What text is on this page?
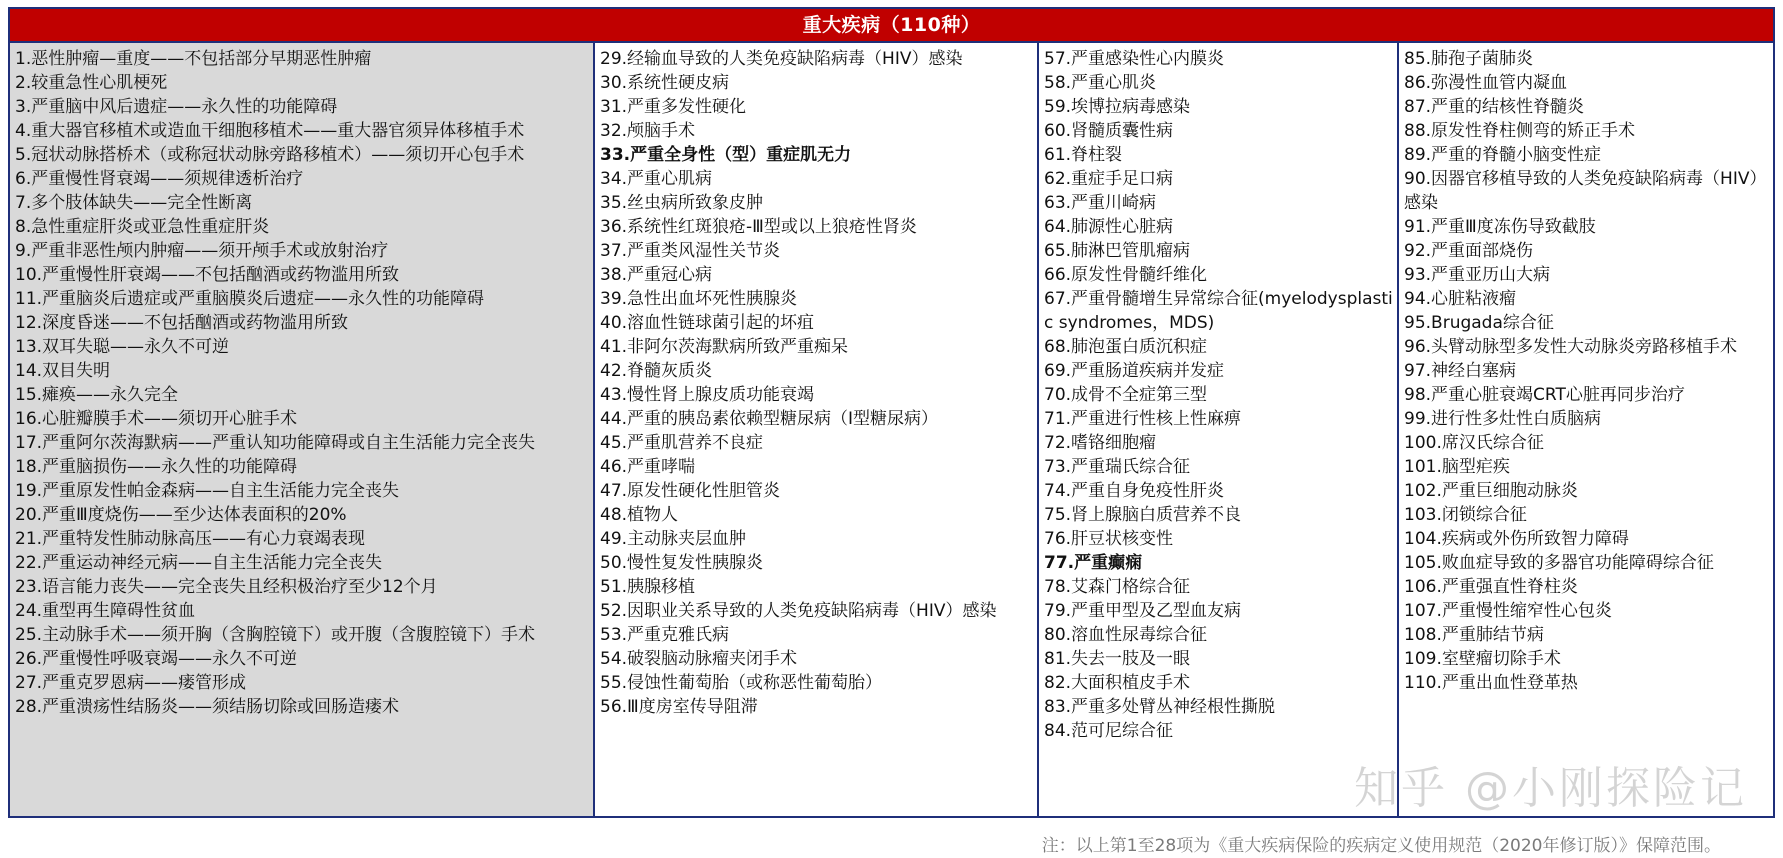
重大疾病（110种）
1.恶性肿瘤—重度——不包括部分早期恶性肿瘤
2.较重急性心肌梗死
3.严重脑中风后遗症——永久性的功能障碍
4.重大器官移植术或造血干细胞移植术——重大器官须异体移植手术
5.冠状动脉搭桥术（或称冠状动脉旁路移植术）——须切开心包手术
6.严重慢性肾衰竭——须规律透析治疗
7.多个肢体缺失——完全性断离
8.急性重症肝炎或亚急性重症肝炎
9.严重非恶性颅内肿瘤——须开颅手术或放射治疗
10.严重慢性肝衰竭——不包括酗酒或药物滥用所致
11.严重脑炎后遗症或严重脑膜炎后遗症——永久性的功能障碍
12.深度昏迷——不包括酗酒或药物滥用所致
13.双耳失聪——永久不可逆
14.双目失明
15.瘫痪——永久完全
16.心脏瓣膜手术——须切开心脏手术
17.严重阿尔茨海默病——严重认知功能障碍或自主生活能力完全丧失
18.严重脑损伤——永久性的功能障碍
19.严重原发性帕金森病——自主生活能力完全丧失
20.严重Ⅲ度烧伤——至少达体表面积的20%
21.严重特发性肺动脉高压——有心力衰竭表现
22.严重运动神经元病——自主生活能力完全丧失
23.语言能力丧失——完全丧失且经积极治疗至少12个月
24.重型再生障碍性贫血
25.主动脉手术——须开胸（含胸腔镜下）或开腹（含腹腔镜下）手术
26.严重慢性呼吸衰竭——永久不可逆
27.严重克罗恩病——瘘管形成
28.严重溃疡性结肠炎——须结肠切除或回肠造瘘术
29.经输血导致的人类免疫缺陷病毒（HIV）感染
30.系统性硬皮病
31.严重多发性硬化
32.颅脑手术
33.严重全身性（型）重症肌无力
34.严重心肌病
35.丝虫病所致象皮肿
36.系统性红斑狼疮-Ⅲ型或以上狼疮性肾炎
37.严重类风湿性关节炎
38.严重冠心病
39.急性出血坏死性胰腺炎
40.溶血性链球菌引起的坏疽
41.非阿尔茨海默病所致严重痴呆
42.脊髓灰质炎
43.慢性肾上腺皮质功能衰竭
44.严重的胰岛素依赖型糖尿病（Ⅰ型糖尿病）
45.严重肌营养不良症
46.严重哮喘
47.原发性硬化性胆管炎
48.植物人
49.主动脉夹层血肿
50.慢性复发性胰腺炎
51.胰腺移植
52.因职业关系导致的人类免疫缺陷病毒（HIV）感染
53.严重克雅氏病
54.破裂脑动脉瘤夹闭手术
55.侵蚀性葡萄胎（或称恶性葡萄胎）
56.Ⅲ度房室传导阻滞
57.严重感染性心内膜炎
58.严重心肌炎
59.埃博拉病毒感染
60.肾髓质囊性病
61.脊柱裂
62.重症手足口病
63.严重川崎病
64.肺源性心脏病
65.肺淋巴管肌瘤病
66.原发性骨髓纤维化
67.严重骨髓增生异常综合征(myelodysplastic syndromes，MDS)
68.肺泡蛋白质沉积症
69.严重肠道疾病并发症
70.成骨不全症第三型
71.严重进行性核上性麻痹
72.嗜铬细胞瘤
73.严重瑞氏综合征
74.严重自身免疫性肝炎
75.肾上腺脑白质营养不良
76.肝豆状核变性
77.严重癫痫
78.艾森门格综合征
79.严重甲型及乙型血友病
80.溶血性尿毒综合征
81.失去一肢及一眼
82.大面积植皮手术
83.严重多处臂丛神经根性撕脱
84.范可尼综合征
85.肺孢子菌肺炎
86.弥漫性血管内凝血
87.严重的结核性脊髓炎
88.原发性脊柱侧弯的矫正手术
89.严重的脊髓小脑变性症
90.因器官移植导致的人类免疫缺陷病毒（HIV）感染
91.严重Ⅲ度冻伤导致截肢
92.严重面部烧伤
93.严重亚历山大病
94.心脏粘液瘤
95.Brugada综合征
96.头臂动脉型多发性大动脉炎旁路移植手术
97.神经白塞病
98.严重心脏衰竭CRT心脏再同步治疗
99.进行性多灶性白质脑病
100.席汉氏综合征
101.脑型疟疾
102.严重巨细胞动脉炎
103.闭锁综合征
104.疾病或外伤所致智力障碍
105.败血症导致的多器官功能障碍综合征
106.严重强直性脊柱炎
107.严重慢性缩窄性心包炎
108.严重肺结节病
109.室壁瘤切除手术
110.严重出血性登革热
知乎 @小刚探险记
注：以上第1至28项为《重大疾病保险的疾病定义使用规范（2020年修订版）》保障范围。
